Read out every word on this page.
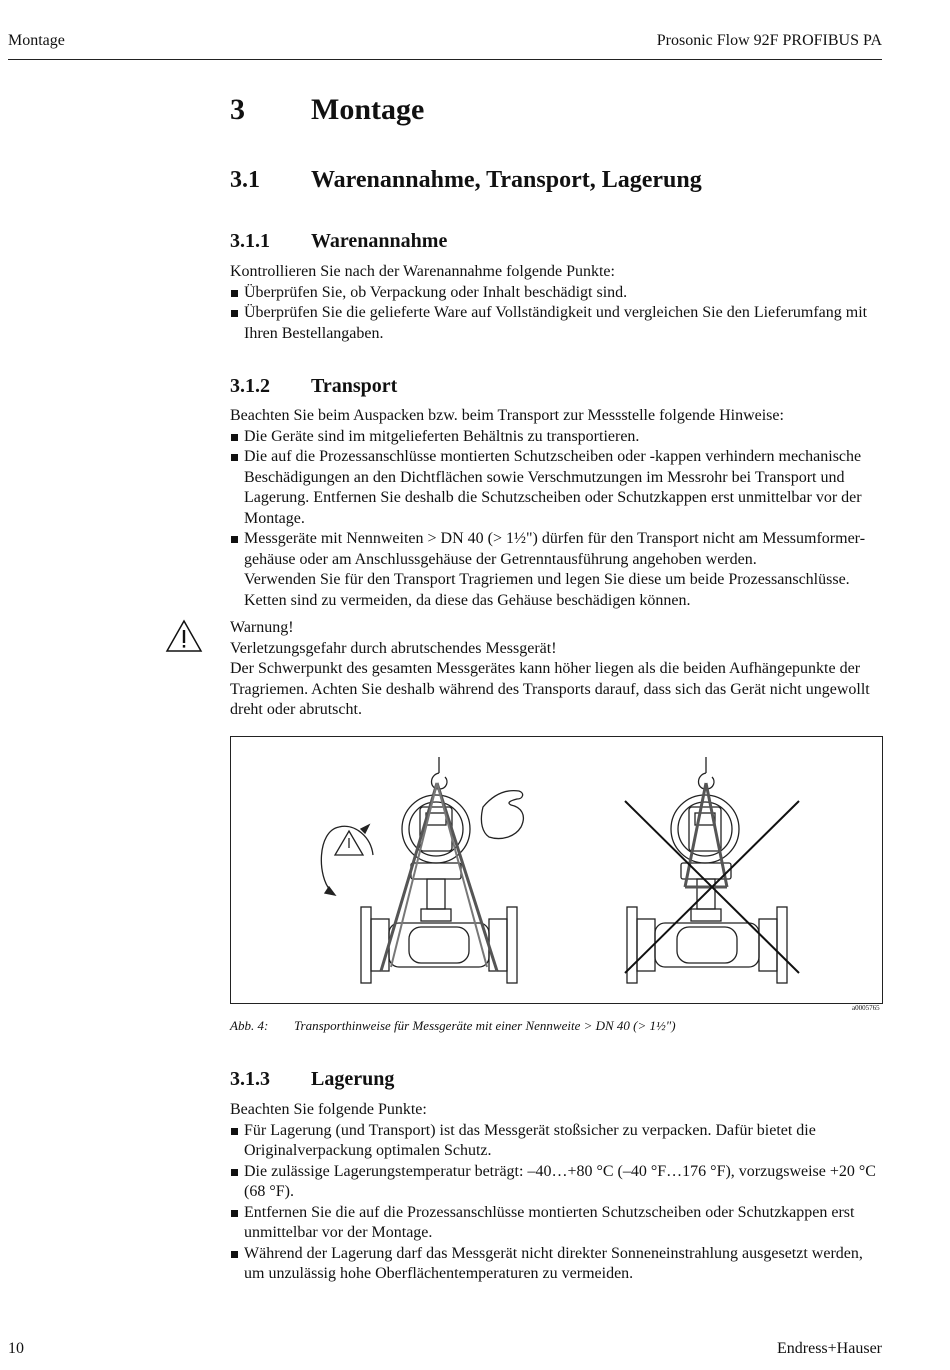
Montage	Prosonic Flow 92F PROFIBUS PA
3 Montage
3.1 Warenannahme, Transport, Lagerung
3.1.1 Warenannahme
Kontrollieren Sie nach der Warenannahme folgende Punkte:
Überprüfen Sie, ob Verpackung oder Inhalt beschädigt sind.
Überprüfen Sie die gelieferte Ware auf Vollständigkeit und vergleichen Sie den Lieferumfang mit Ihren Bestellangaben.
3.1.2 Transport
Beachten Sie beim Auspacken bzw. beim Transport zur Messstelle folgende Hinweise:
Die Geräte sind im mitgelieferten Behältnis zu transportieren.
Die auf die Prozessanschlüsse montierten Schutzscheiben oder -kappen verhindern mechanische Beschädigungen an den Dichtflächen sowie Verschmutzungen im Messrohr bei Transport und Lagerung. Entfernen Sie deshalb die Schutzscheiben oder Schutzkappen erst unmittelbar vor der Montage.
Messgeräte mit Nennweiten > DN 40 (> 1½") dürfen für den Transport nicht am Messumformer-gehäuse oder am Anschlussgehäuse der Getrenntausführung angehoben werden.
Verwenden Sie für den Transport Tragriemen und legen Sie diese um beide Prozessanschlüsse. Ketten sind zu vermeiden, da diese das Gehäuse beschädigen können.
Warnung!
Verletzungsgefahr durch abrutschendes Messgerät!
Der Schwerpunkt des gesamten Messgerätes kann höher liegen als die beiden Aufhängepunkte der Tragriemen. Achten Sie deshalb während des Transports darauf, dass sich das Gerät nicht ungewollt dreht oder abrutscht.
a0005765
Abb. 4: Transporthinweise für Messgeräte mit einer Nennweite > DN 40 (> 1½")
3.1.3 Lagerung
Beachten Sie folgende Punkte:
Für Lagerung (und Transport) ist das Messgerät stoßsicher zu verpacken. Dafür bietet die Originalverpackung optimalen Schutz.
Die zulässige Lagerungstemperatur beträgt: –40…+80 °C (–40 °F…176 °F), vorzugsweise +20 °C (68 °F).
Entfernen Sie die auf die Prozessanschlüsse montierten Schutzscheiben oder Schutzkappen erst unmittelbar vor der Montage.
Während der Lagerung darf das Messgerät nicht direkter Sonneneinstrahlung ausgesetzt werden, um unzulässig hohe Oberflächentemperaturen zu vermeiden.
10	Endress+Hauser
